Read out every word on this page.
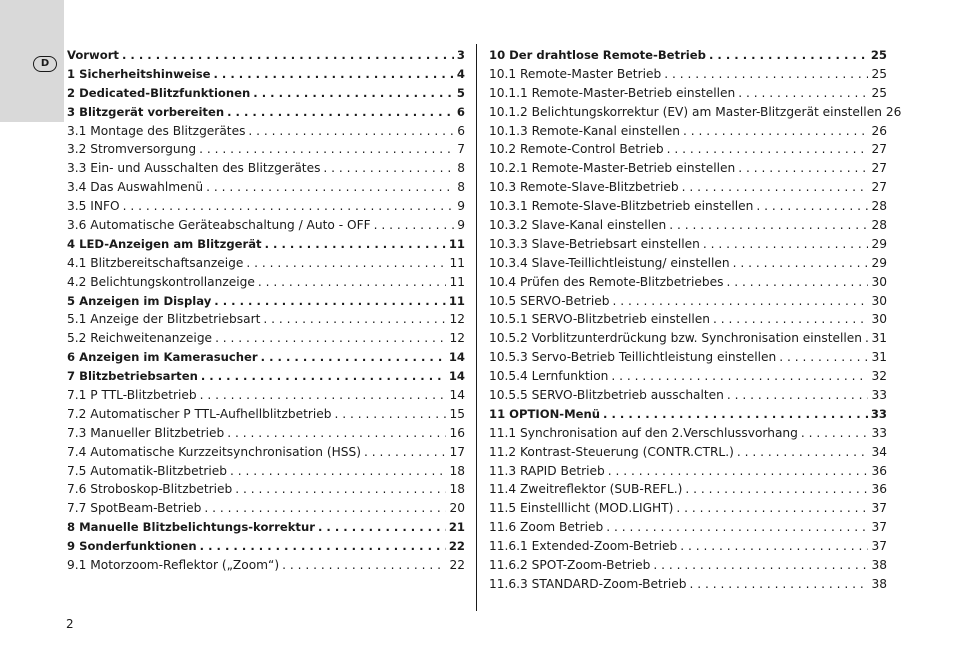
D
Vorwort . . .	3
1 Sicherheitshinweise . . .	4
2 Dedicated-Blitzfunktionen . . .	5
3 Blitzgerät vorbereiten . . .	6
3.1 Montage des Blitzgerätes . . .	6
3.2 Stromversorgung . . .	7
3.3 Ein- und Ausschalten des Blitzgerätes . . .	8
3.4 Das Auswahlmenü . . .	8
3.5 INFO . . .	9
3.6 Automatische Geräteabschaltung / Auto - OFF . . .	9
4 LED-Anzeigen am Blitzgerät . . .	11
4.1 Blitzbereitschaftsanzeige . . .	11
4.2 Belichtungskontrollanzeige . . .	11
5 Anzeigen im Display . . .	11
5.1 Anzeige der Blitzbetriebsart . . .	12
5.2 Reichweitenanzeige . . .	12
6 Anzeigen im Kamerasucher . . .	14
7 Blitzbetriebsarten . . .	14
7.1 P TTL-Blitzbetrieb . . .	14
7.2 Automatischer P TTL-Aufhellblitzbetrieb . . .	15
7.3 Manueller Blitzbetrieb . . .	16
7.4 Automatische Kurzzeitsynchronisation (HSS) . . .	17
7.5 Automatik-Blitzbetrieb . . .	18
7.6 Stroboskop-Blitzbetrieb . . .	18
7.7 SpotBeam-Betrieb . . .	20
8 Manuelle Blitzbelichtungs-korrektur . . .	21
9 Sonderfunktionen . . .	22
9.1 Motorzoom-Reflektor („Zoom“) . . .	22
10 Der drahtlose Remote-Betrieb . . .	25
10.1 Remote-Master Betrieb . . .	25
10.1.1 Remote-Master-Betrieb einstellen . . .	25
10.1.2 Belichtungskorrektur (EV) am Master-Blitzgerät einstellen 26
10.1.3 Remote-Kanal einstellen . . .	26
10.2 Remote-Control Betrieb . . .	27
10.2.1 Remote-Master-Betrieb einstellen . . .	27
10.3 Remote-Slave-Blitzbetrieb . . .	27
10.3.1 Remote-Slave-Blitzbetrieb einstellen . . .	28
10.3.2 Slave-Kanal einstellen . . .	28
10.3.3 Slave-Betriebsart einstellen . . .	29
10.3.4 Slave-Teillichtleistung/ einstellen . . .	29
10.4 Prüfen des Remote-Blitzbetriebes . . .	30
10.5 SERVO-Betrieb . . .	30
10.5.1 SERVO-Blitzbetrieb einstellen . . .	30
10.5.2 Vorblitzunterdrückung bzw. Synchronisation einstellen . . . 31
10.5.3 Servo-Betrieb Teillichtleistung einstellen . . .	31
10.5.4 Lernfunktion . . .	32
10.5.5 SERVO-Blitzbetrieb ausschalten . . .	33
11 OPTION-Menü . . .	33
11.1 Synchronisation auf den 2.Verschlussvorhang . . .	33
11.2 Kontrast-Steuerung (CONTR.CTRL.) . . .	34
11.3 RAPID Betrieb . . .	36
11.4 Zweitreflektor (SUB-REFL.) . . .	36
11.5 Einstelllicht (MOD.LIGHT) . . .	37
11.6 Zoom Betrieb . . .	37
11.6.1 Extended-Zoom-Betrieb . . .	37
11.6.2 SPOT-Zoom-Betrieb . . .	38
11.6.3 STANDARD-Zoom-Betrieb . . .	38
2
